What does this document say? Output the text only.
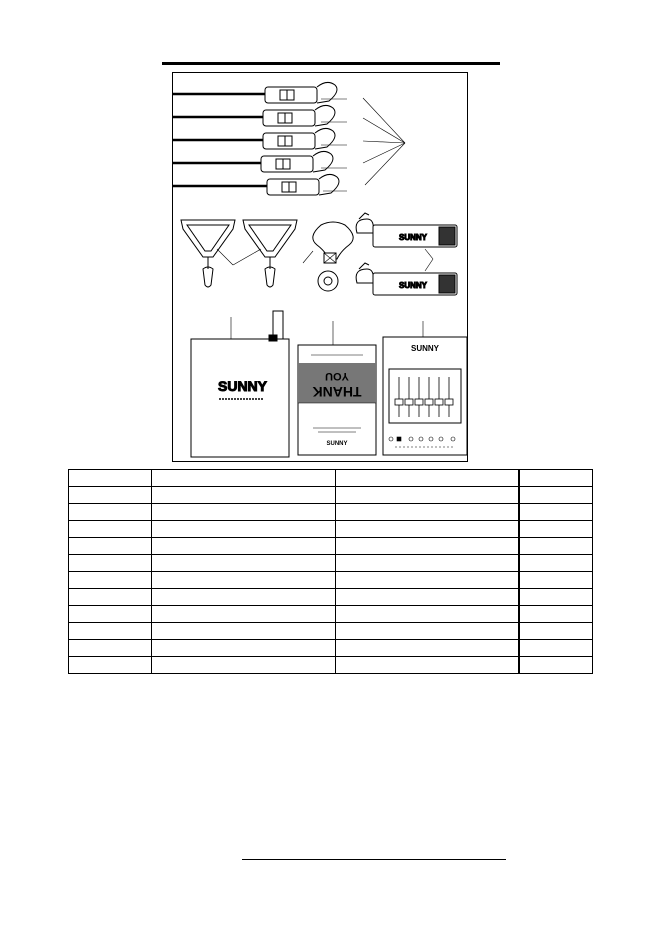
SUNNY
SUNNY
SUNNY
YOU
THANK
SUNNY
SUNNY
